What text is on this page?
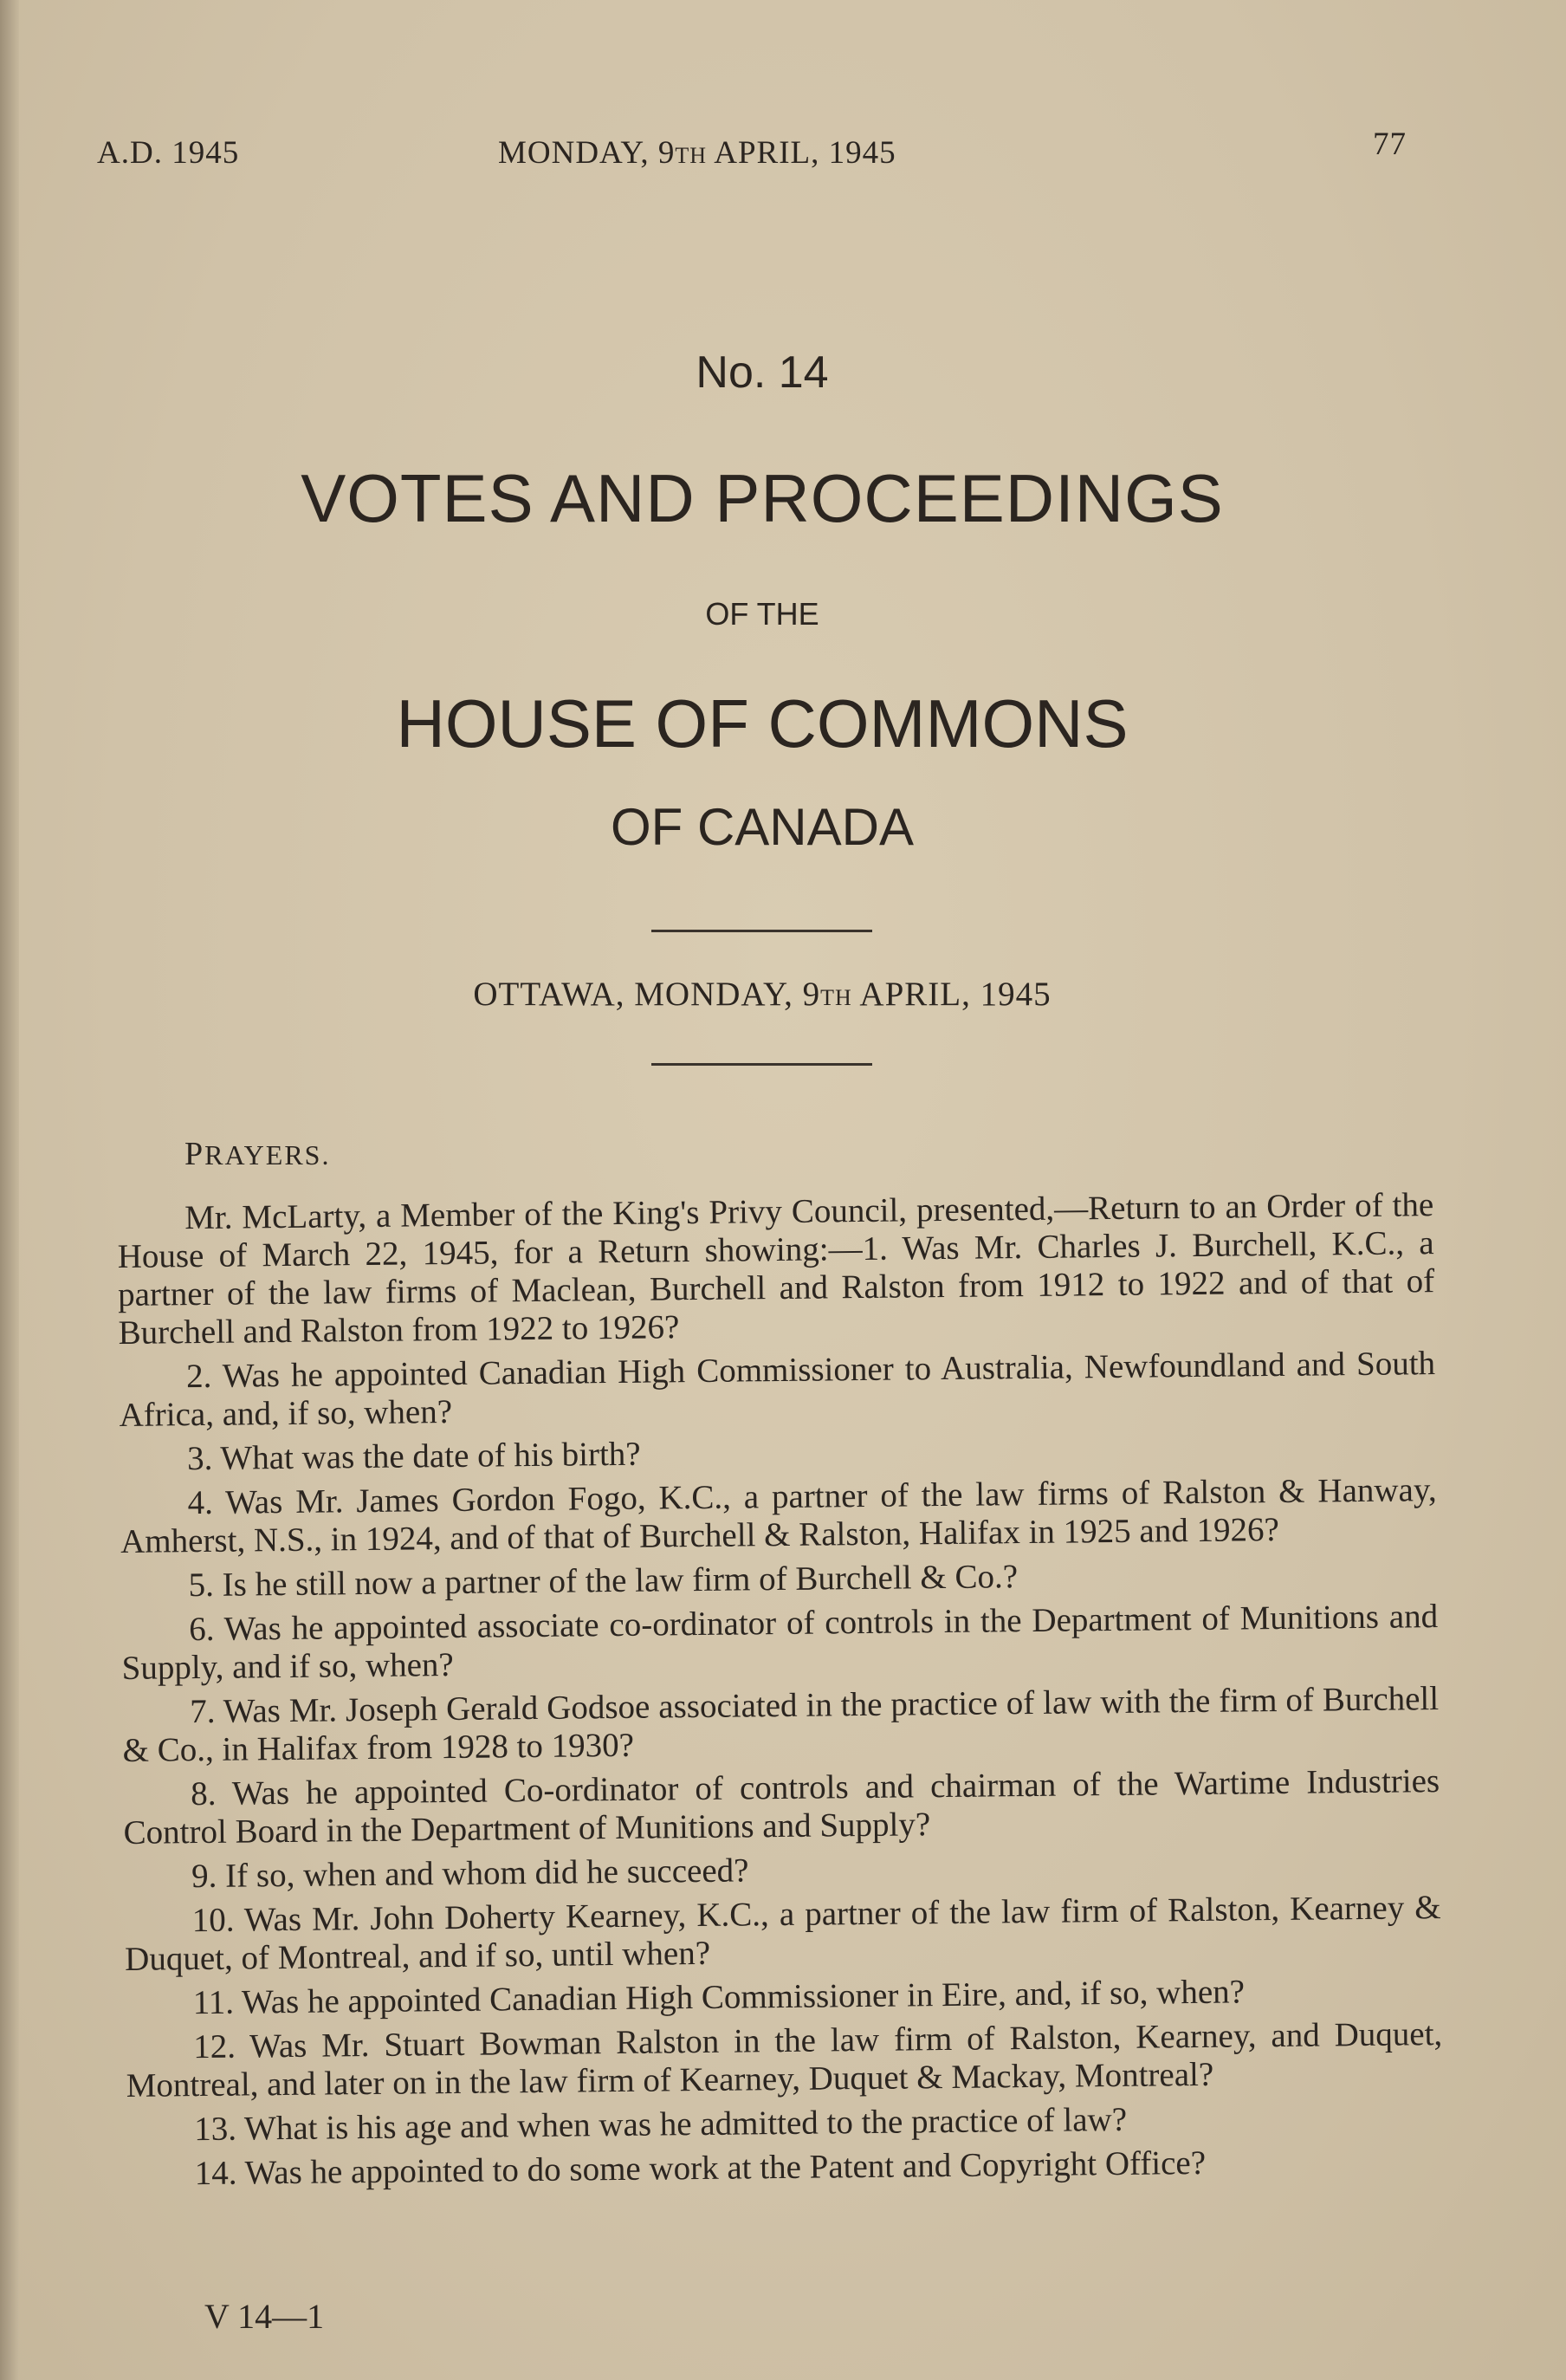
A.D. 1945	MONDAY, 9TH APRIL, 1945	77
No. 14
VOTES AND PROCEEDINGS
OF THE
HOUSE OF COMMONS
OF CANADA
OTTAWA, MONDAY, 9TH APRIL, 1945
PRAYERS.

Mr. McLarty, a Member of the King's Privy Council, presented,—Return to an Order of the House of March 22, 1945, for a Return showing:—1. Was Mr. Charles J. Burchell, K.C., a partner of the law firms of Maclean, Burchell and Ralston from 1912 to 1922 and of that of Burchell and Ralston from 1922 to 1926?

2. Was he appointed Canadian High Commissioner to Australia, Newfoundland and South Africa, and, if so, when?

3. What was the date of his birth?

4. Was Mr. James Gordon Fogo, K.C., a partner of the law firms of Ralston & Hanway, Amherst, N.S., in 1924, and of that of Burchell & Ralston, Halifax in 1925 and 1926?

5. Is he still now a partner of the law firm of Burchell & Co.?

6. Was he appointed associate co-ordinator of controls in the Department of Munitions and Supply, and if so, when?

7. Was Mr. Joseph Gerald Godsoe associated in the practice of law with the firm of Burchell & Co., in Halifax from 1928 to 1930?

8. Was he appointed Co-ordinator of controls and chairman of the Wartime Industries Control Board in the Department of Munitions and Supply?

9. If so, when and whom did he succeed?

10. Was Mr. John Doherty Kearney, K.C., a partner of the law firm of Ralston, Kearney & Duquet, of Montreal, and if so, until when?

11. Was he appointed Canadian High Commissioner in Eire, and, if so, when?

12. Was Mr. Stuart Bowman Ralston in the law firm of Ralston, Kearney, and Duquet, Montreal, and later on in the law firm of Kearney, Duquet & Mackay, Montreal?

13. What is his age and when was he admitted to the practice of law?

14. Was he appointed to do some work at the Patent and Copyright Office?

V 14—1
